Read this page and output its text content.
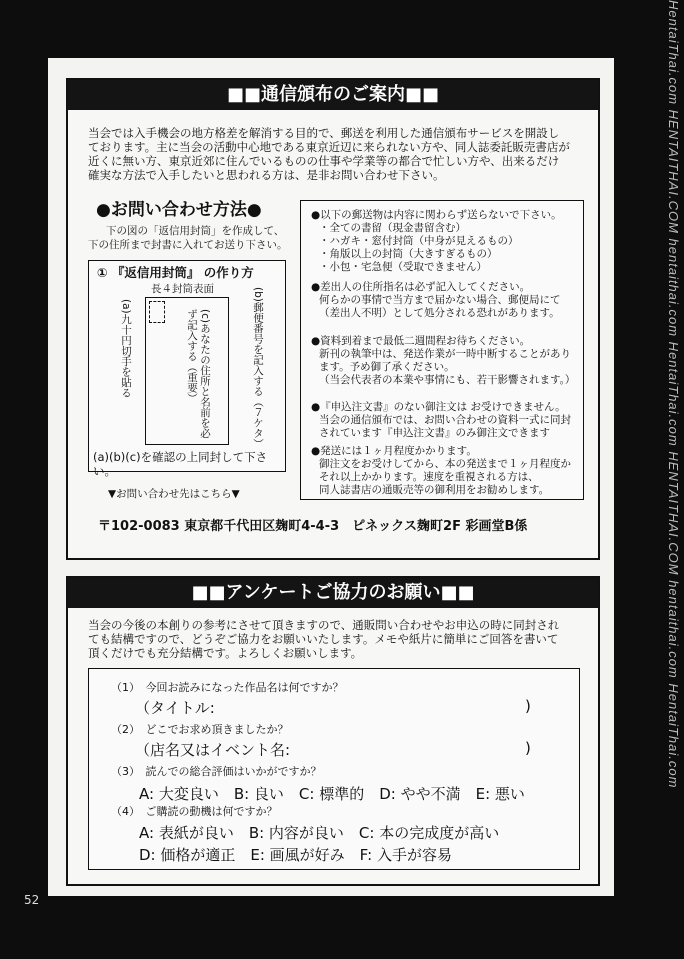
HentaiThai.com HENTAITHAI.COM hentaithai.com HentaiThai.com HENTAITHAI.COM hentaithai.com HentaiThai.com
52
■■通信頒布のご案内■■
当会では入手機会の地方格差を解消する目的で、郵送を利用した通信頒布サービスを開設し
ております。主に当会の活動中心地である東京近辺に来られない方や、同人誌委託販売書店が
近くに無い方、東京近郊に住んでいるものの仕事や学業等の都合で忙しい方や、出来るだけ
確実な方法で入手したいと思われる方は、是非お問い合わせ下さい。
●お問い合わせ方法●
下の図の「返信用封筒」を作成して、
下の住所まで封書に入れてお送り下さい。
① 『返信用封筒』 の作り方
長４封筒表面
(a)九十円切手を貼る	(b)郵便番号を記入する（７ケタ）
(c)あなたの住所と名前を必ず記入する（重要）
(a)(b)(c)を確認の上同封して下さい。
▼お問い合わせ先はこちら▼
●以下の郵送物は内容に関わらず送らないで下さい。
・全ての書留（現金書留含む）
・ハガキ・窓付封筒（中身が見えるもの）
・角版以上の封筒（大きすぎるもの）
・小包・宅急便（受取できません）
●差出人の住所指名は必ず記入してください。
何らかの事情で当方まで届かない場合、郵便局にて
（差出人不明）として処分される恐れがあります。
●資料到着まで最低二週間程お待ちください。
新刊の執筆中は、発送作業が一時中断することがあり
ます。予め御了承ください。
（当会代表者の本業や事情にも、若干影響されます。）
●『申込注文書』のない御注文は お受けできません。
当会の通信頒布では、お問い合わせの資料一式に同封
されています『申込注文書』のみ御注文できます
●発送には１ヶ月程度かかります。
御注文をお受けしてから、本の発送まで１ヶ月程度か
それ以上かかります。速度を重視される方は、
同人誌書店の通販売等の御利用をお勧めします。
〒102-0083 東京都千代田区麹町4-4-3　ピネックス麹町2F 彩画堂B係
■■アンケートご協力のお願い■■
当会の今後の本創りの参考にさせて頂きますので、通販問い合わせやお申込の時に同封され
ても結構ですので、どうぞご協力をお願いいたします。メモや紙片に簡単にご回答を書いて
頂くだけでも充分結構です。よろしくお願いします。
（1）　今回お読みになった作品名は何ですか？
（タイトル:	)
（2）　どこでお求め頂きましたか？
（店名又はイベント名:	)
（3）　読んでの総合評価はいかがですか？
A: 大変良い　B: 良い　C: 標準的　D: やや不満　E: 悪い
（4）　ご購読の動機は何ですか？
A: 表紙が良い　B: 内容が良い　C: 本の完成度が高い
D: 価格が適正　E: 画風が好み　F: 入手が容易
